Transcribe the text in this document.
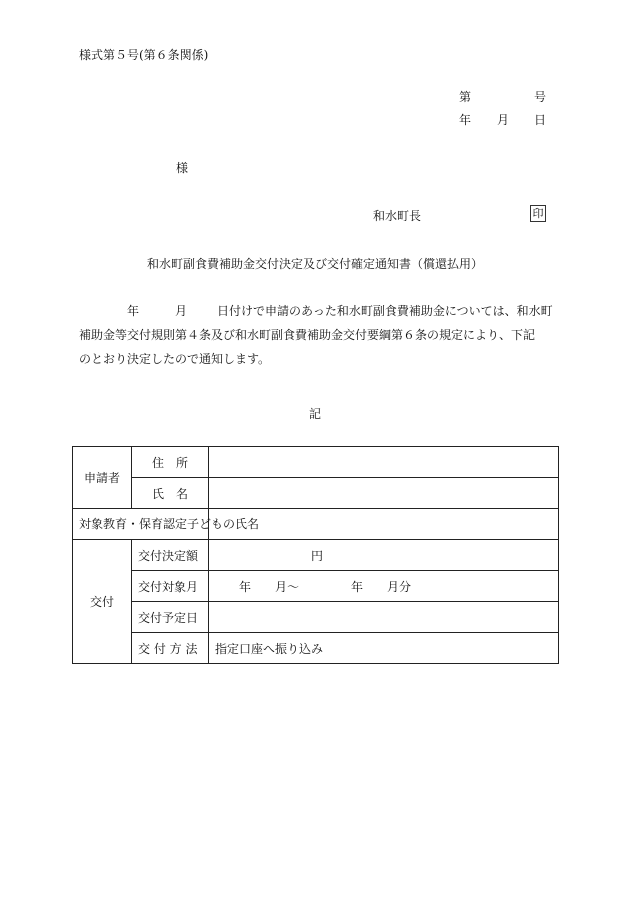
様式第５号(第６条関係)
第	号
年 月 日
様
和水町長	印
和水町副食費補助金交付決定及び交付確定通知書（償還払用）
年	月	日付けで申請のあった和水町副食費補助金については、和水町
補助金等交付規則第４条及び和水町副食費補助金交付要綱第６条の規定により、下記
のとおり決定したので通知します。
記
申請者	住　所	
	氏　名	
対象教育・保育認定子どもの氏名		
交付	交付決定額	円
	交付対象月	年 月～ 年 月分
	交付予定日	
	交 付 方 法	指定口座へ振り込み
